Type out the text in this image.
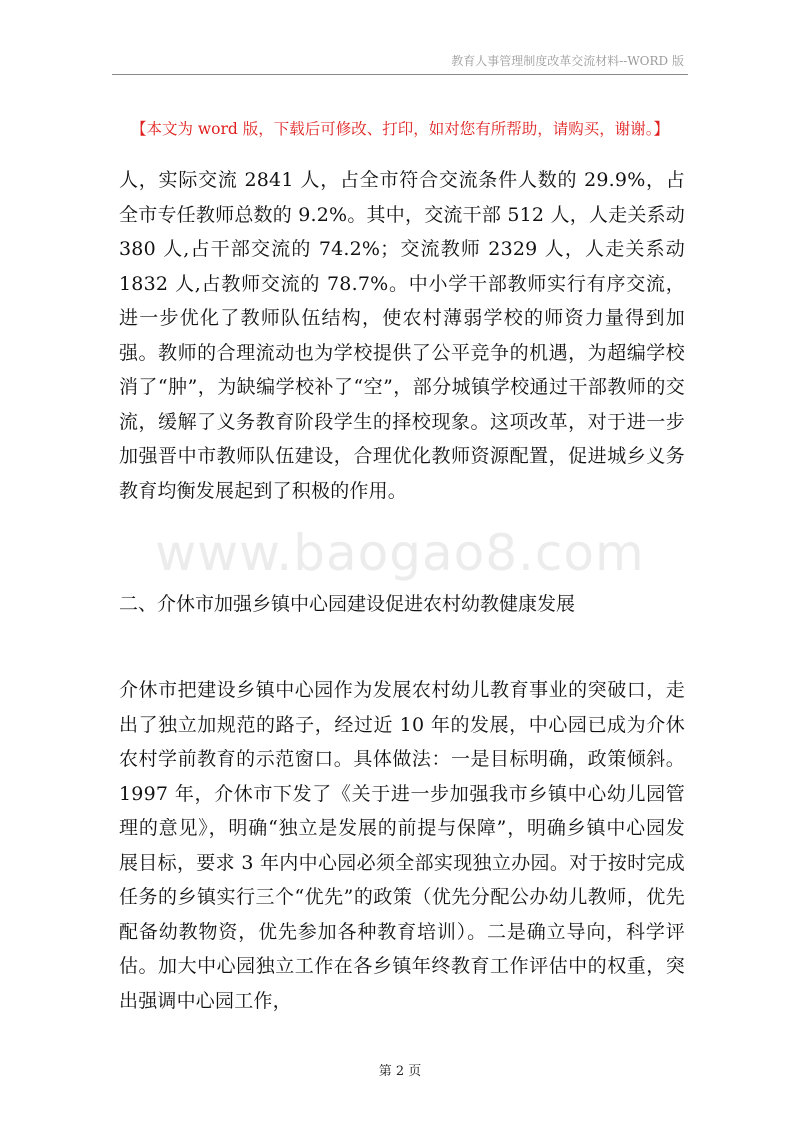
教育人事管理制度改革交流材料--WORD 版
【本文为 word 版，下载后可修改、打印，如对您有所帮助，请购买，谢谢。】

人，实际交流 2841 人，占全市符合交流条件人数的 29.9%，占全市专任教师总数的 9.2%。其中，交流干部 512 人，人走关系动 380 人,占干部交流的 74.2%；交流教师 2329 人，人走关系动 1832 人,占教师交流的 78.7%。中小学干部教师实行有序交流，进一步优化了教师队伍结构，使农村薄弱学校的师资力量得到加强。教师的合理流动也为学校提供了公平竞争的机遇，为超编学校消了“肿”，为缺编学校补了“空”，部分城镇学校通过干部教师的交流，缓解了义务教育阶段学生的择校现象。这项改革，对于进一步加强晋中市教师队伍建设，合理优化教师资源配置，促进城乡义务教育均衡发展起到了积极的作用。

www.baogao8.com

二、介休市加强乡镇中心园建设促进农村幼教健康发展

介休市把建设乡镇中心园作为发展农村幼儿教育事业的突破口，走出了独立加规范的路子，经过近 10 年的发展，中心园已成为介休农村学前教育的示范窗口。具体做法：一是目标明确，政策倾斜。1997 年，介休市下发了《关于进一步加强我市乡镇中心幼儿园管理的意见》，明确“独立是发展的前提与保障”，明确乡镇中心园发展目标，要求 3 年内中心园必须全部实现独立办园。对于按时完成任务的乡镇实行三个“优先”的政策（优先分配公办幼儿教师，优先配备幼教物资，优先参加各种教育培训）。二是确立导向，科学评估。加大中心园独立工作在各乡镇年终教育工作评估中的权重，突出强调中心园工作，

第 2 页
